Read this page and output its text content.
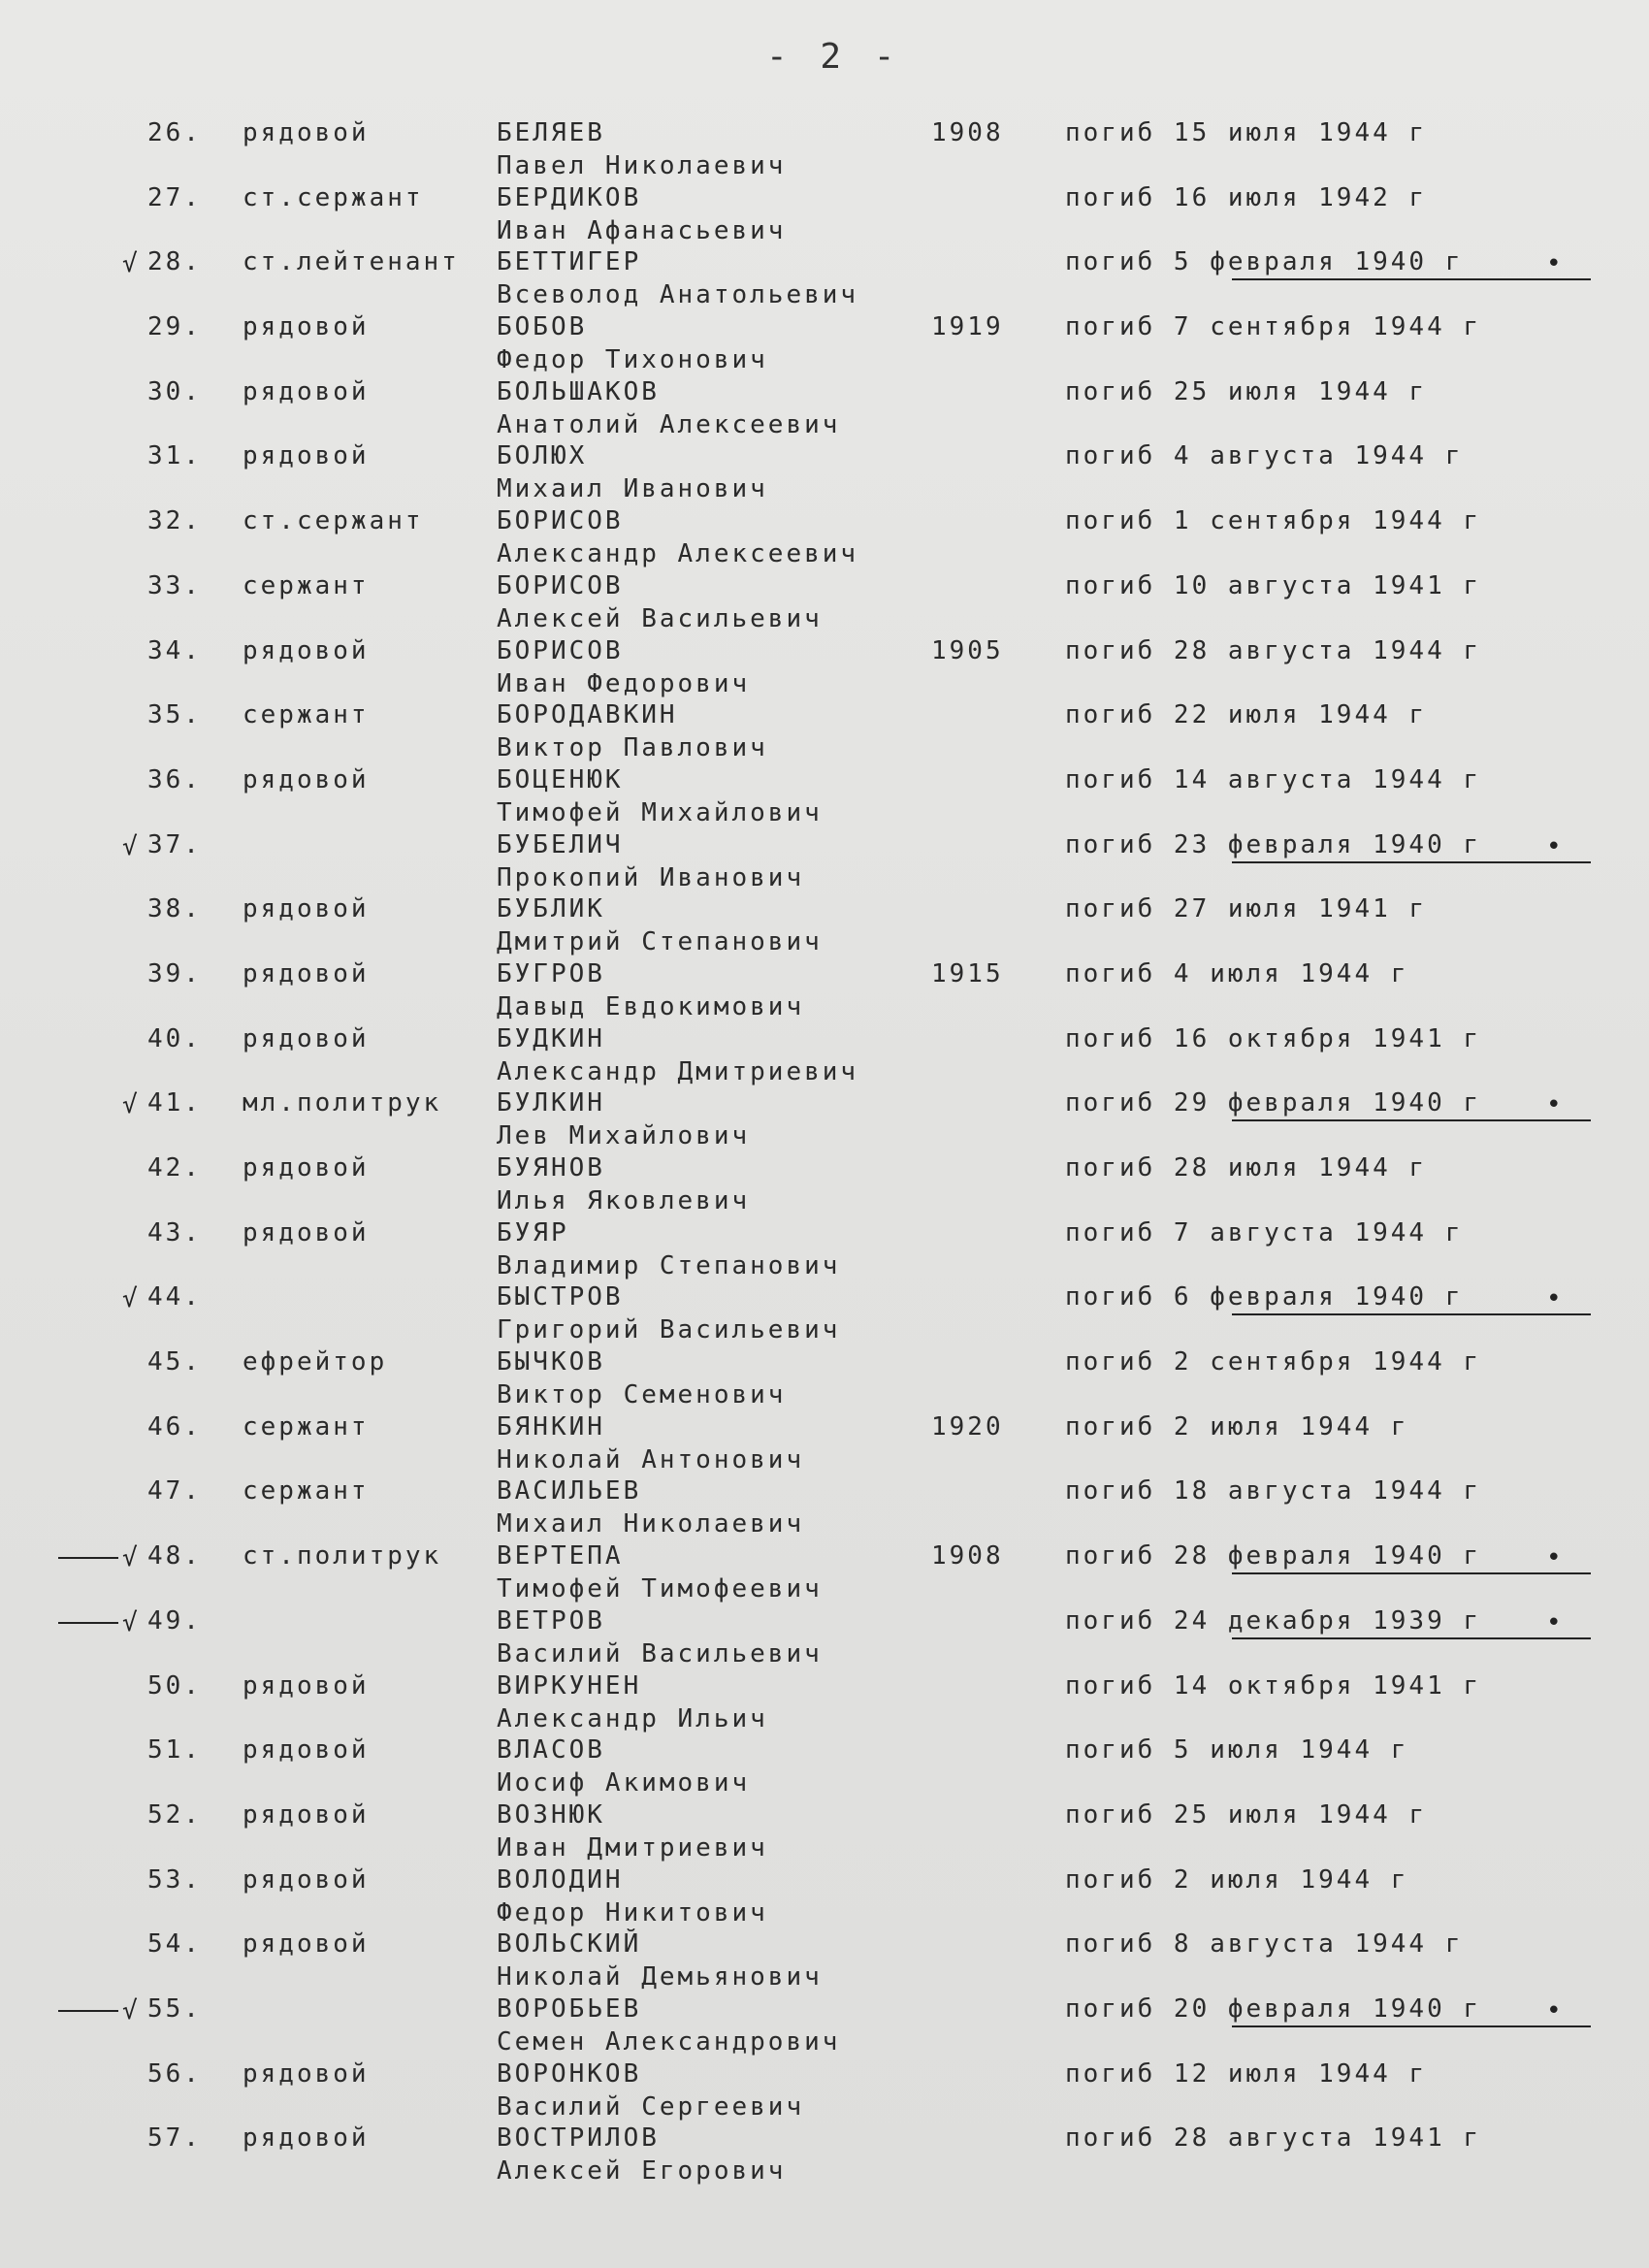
- 2 -
26. рядовой	БЕЛЯЕВ
Павел Николаевич
1908 погиб 15 июля 1944 г
27. ст.сержант	БЕРДИКОВ
Иван Афанасьевич
погиб 16 июля 1942 г
28. ст.лейтенант БЕТТИГЕР
Всеволод Анатольевич
погиб 5 февраля 1940 г
√	•
29. рядовой	БОБОВ
Федор Тихонович
1919 погиб 7 сентября 1944 г
30. рядовой	БОЛЬШАКОВ
Анатолий Алексеевич
погиб 25 июля 1944 г
31. рядовой	БОЛЮХ
Михаил Иванович
погиб 4 августа 1944 г
32. ст.сержант	БОРИСОВ
Александр Алексеевич
погиб 1 сентября 1944 г
33. сержант	БОРИСОВ
Алексей Васильевич
погиб 10 августа 1941 г
34. рядовой	БОРИСОВ
Иван Федорович
1905 погиб 28 августа 1944 г
35. сержант	БОРОДАВКИН
Виктор Павлович
погиб 22 июля 1944 г
36. рядовой	БОЦЕНЮК
Тимофей Михайлович
погиб 14 августа 1944 г
37.	БУБЕЛИЧ
Прокопий Иванович
погиб 23 февраля 1940 г
√	•
38. рядовой	БУБЛИК
Дмитрий Степанович
погиб 27 июля 1941 г
39. рядовой	БУГРОВ
Давыд Евдокимович
1915 погиб 4 июля 1944 г
40. рядовой	БУДКИН
Александр Дмитриевич
погиб 16 октября 1941 г
41. мл.политрук БУЛКИН
Лев Михайлович
погиб 29 февраля 1940 г
√	•
42. рядовой	БУЯНОВ
Илья Яковлевич
погиб 28 июля 1944 г
43. рядовой	БУЯР
Владимир Степанович
погиб 7 августа 1944 г
44.	БЫСТРОВ
Григорий Васильевич
погиб 6 февраля 1940 г
√	•
45. ефрейтор	БЫЧКОВ
Виктор Семенович
погиб 2 сентября 1944 г
46. сержант	БЯНКИН
Николай Антонович
1920 погиб 2 июля 1944 г
47. сержант	ВАСИЛЬЕВ
Михаил Николаевич
погиб 18 августа 1944 г
48. ст.политрук ВЕРТЕПА
Тимофей Тимофеевич
1908 погиб 28 февраля 1940 г
√	•
49.	ВЕТРОВ
Василий Васильевич
погиб 24 декабря 1939 г
√	•
50. рядовой	ВИРКУНЕН
Александр Ильич
погиб 14 октября 1941 г
51. рядовой	ВЛАСОВ
Иосиф Акимович
погиб 5 июля 1944 г
52. рядовой	ВОЗНЮК
Иван Дмитриевич
погиб 25 июля 1944 г
53. рядовой	ВОЛОДИН
Федор Никитович
погиб 2 июля 1944 г
54. рядовой	ВОЛЬСКИЙ
Николай Демьянович
погиб 8 августа 1944 г
55.	ВОРОБЬЕВ
Семен Александрович
погиб 20 февраля 1940 г
√	•
56. рядовой	ВОРОНКОВ
Василий Сергеевич
погиб 12 июля 1944 г
57. рядовой	ВОСТРИЛОВ
Алексей Егорович
погиб 28 августа 1941 г
